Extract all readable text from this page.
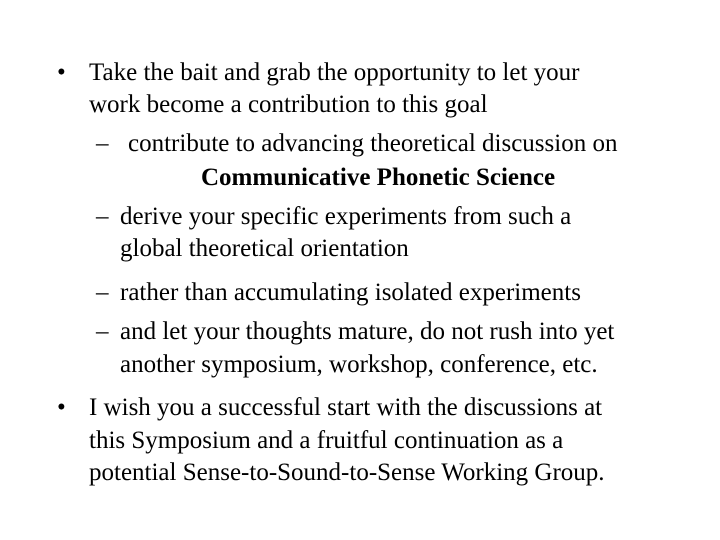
• Take the bait and grab the opportunity to let your
work become a contribution to this goal
– contribute to advancing theoretical discussion on
Communicative Phonetic Science
– derive your specific experiments from such a
global theoretical orientation
– rather than accumulating isolated experiments
– and let your thoughts mature, do not rush into yet
another symposium, workshop, conference, etc.
• I wish you a successful start with the discussions at
this Symposium and a fruitful continuation as a
potential Sense-to-Sound-to-Sense Working Group.
